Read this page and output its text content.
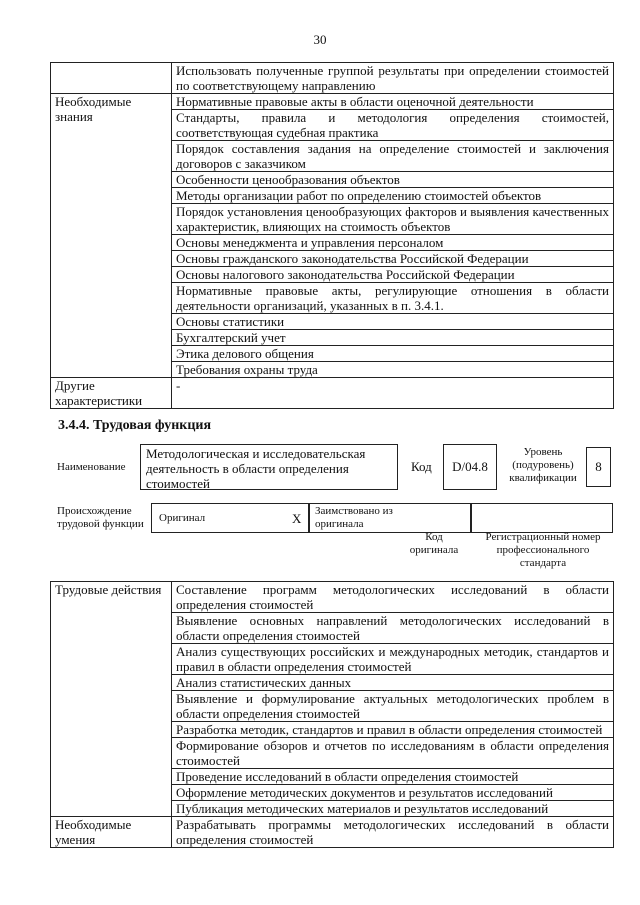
30
	Использовать полученные группой результаты при определении стоимостей по соответствующему направлению
Необходимые знания	Нормативные правовые акты в области оценочной деятельности
	Стандарты, правила и методология определения стоимостей, соответствующая судебная практика
	Порядок составления задания на определение стоимостей и заключения договоров с заказчиком
	Особенности ценообразования объектов
	Методы организации работ по определению стоимостей объектов
	Порядок установления ценообразующих факторов и выявления качественных характеристик, влияющих на стоимость объектов
	Основы менеджмента и управления персоналом
	Основы гражданского законодательства Российской Федерации
	Основы налогового законодательства Российской Федерации
	Нормативные правовые акты, регулирующие отношения в области деятельности организаций, указанных в п. 3.4.1.
	Основы статистики
	Бухгалтерский учет
	Этика делового общения
	Требования охраны труда
Другие характеристики	-
3.4.4. Трудовая функция
Наименование
Методологическая и исследовательская деятельность в области определения стоимостей
Код	D/04.8
Уровень (подуровень) квалификации
8
Происхождение трудовой функции	Оригинал	X Заимствовано из оригинала
Код оригинала
Регистрационный номер профессионального стандарта
Трудовые действия	Составление программ методологических исследований в области определения стоимостей
	Выявление основных направлений методологических исследований в области определения стоимостей
	Анализ существующих российских и международных методик, стандартов и правил в области определения стоимостей
	Анализ статистических данных
	Выявление и формулирование актуальных методологических проблем в области определения стоимостей
	Разработка методик, стандартов и правил в области определения стоимостей
	Формирование обзоров и отчетов по исследованиям в области определения стоимостей
	Проведение исследований в области определения стоимостей
	Оформление методических документов и результатов исследований
	Публикация методических материалов и результатов исследований
Необходимые умения	Разрабатывать программы методологических исследований в области определения стоимостей
